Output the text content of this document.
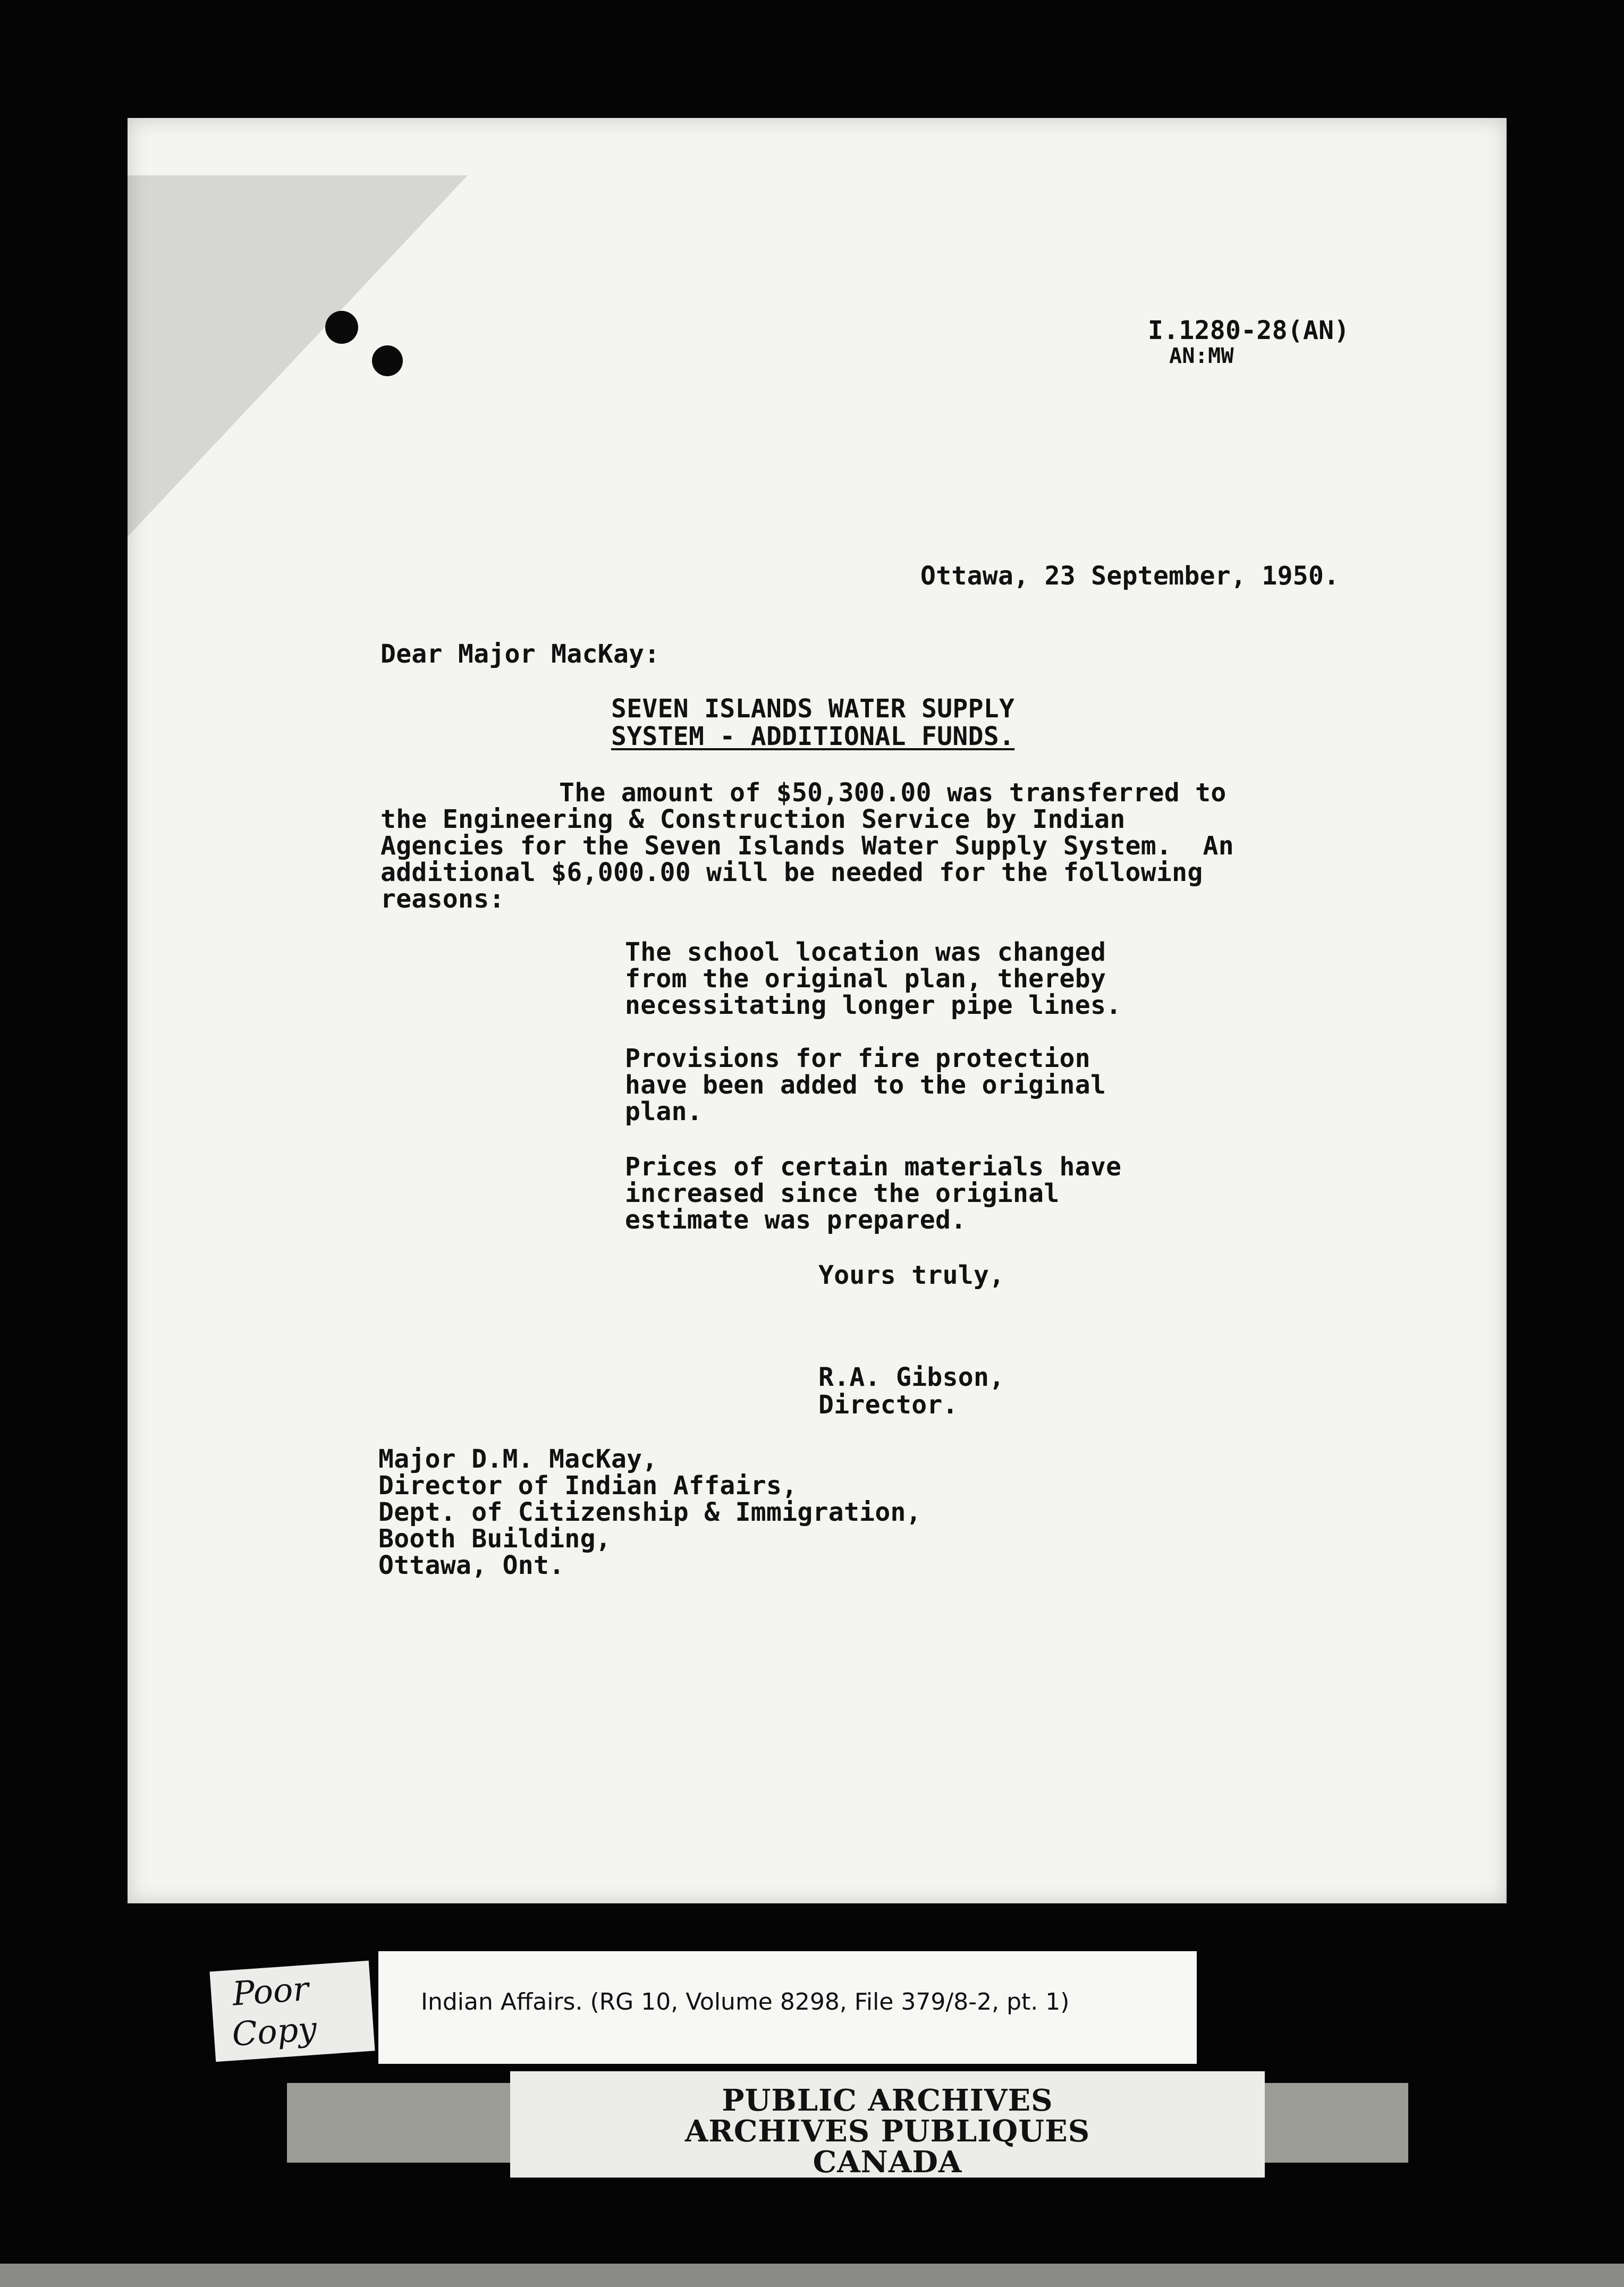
I.1280-28(AN)
AN:MW
Ottawa, 23 September, 1950.
Dear Major MacKay:
SEVEN ISLANDS WATER SUPPLY
SYSTEM - ADDITIONAL FUNDS.
The amount of $50,300.00 was transferred to
the Engineering & Construction Service by Indian
Agencies for the Seven Islands Water Supply System.  An
additional $6,000.00 will be needed for the following
reasons:
The school location was changed
from the original plan, thereby
necessitating longer pipe lines.
Provisions for fire protection
have been added to the original
plan.
Prices of certain materials have
increased since the original
estimate was prepared.
Yours truly,
R.A. Gibson,
Director.
Major D.M. MacKay,
Director of Indian Affairs,
Dept. of Citizenship & Immigration,
Booth Building,
Ottawa, Ont.
Poor
Copy
Indian Affairs. (RG 10, Volume 8298, File 379/8-2, pt. 1)
PUBLIC ARCHIVES
ARCHIVES PUBLIQUES
CANADA
